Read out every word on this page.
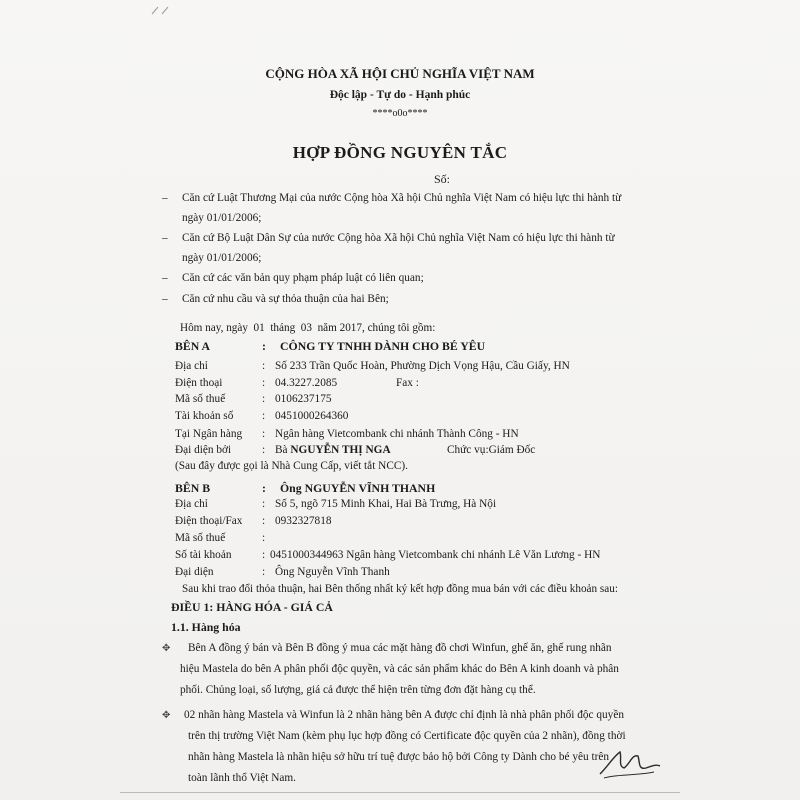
CỘNG HÒA XÃ HỘI CHỦ NGHĨA VIỆT NAM
Độc lập - Tự do - Hạnh phúc
****o0o****
HỢP ĐỒNG NGUYÊN TẮC
Số:
–	Căn cứ Luật Thương Mại của nước Cộng hòa Xã hội Chủ nghĩa Việt Nam có hiệu lực thi hành từ
ngày 01/01/2006;
–	Căn cứ Bộ Luật Dân Sự của nước Cộng hòa Xã hội Chủ nghĩa Việt Nam có hiệu lực thi hành từ
ngày 01/01/2006;
–	Căn cứ các văn bản quy phạm pháp luật có liên quan;
–	Căn cứ nhu cầu và sự thỏa thuận của hai Bên;
Hôm nay, ngày 01 tháng 03 năm 2017, chúng tôi gồm:
BÊN A	: CÔNG TY TNHH DÀNH CHO BÉ YÊU
Địa chỉ	: Số 233 Trần Quốc Hoàn, Phường Dịch Vọng Hậu, Cầu Giấy, HN
Điện thoại	: 04.3227.2085	Fax :
Mã số thuế	: 0106237175
Tài khoản số	: 0451000264360
Tại Ngân hàng : Ngân hàng Vietcombank chi nhánh Thành Công - HN
Đại diện bởi	: Bà NGUYỄN THỊ NGA	Chức vụ:Giám Đốc
(Sau đây được gọi là Nhà Cung Cấp, viết tắt NCC).
BÊN B	: Ông NGUYỄN VĨNH THANH
Địa chỉ	: Số 5, ngõ 715 Minh Khai, Hai Bà Trưng, Hà Nội
Điện thoại/Fax : 0932327818
Mã số thuế	:
Số tài khoản	: 0451000344963 Ngân hàng Vietcombank chi nhánh Lê Văn Lương - HN
Đại diện	: Ông Nguyễn Vĩnh Thanh
Sau khi trao đổi thỏa thuận, hai Bên thống nhất ký kết hợp đồng mua bán với các điều khoản sau:
ĐIỀU 1: HÀNG HÓA - GIÁ CẢ
1.1. Hàng hóa
✥	Bên A đồng ý bán và Bên B đồng ý mua các mặt hàng đồ chơi Winfun, ghế ăn, ghế rung nhãn
hiệu Mastela do bên A phân phối độc quyền, và các sản phẩm khác do Bên A kinh doanh và phân
phối. Chủng loại, số lượng, giá cả được thể hiện trên từng đơn đặt hàng cụ thể.
✥ 02 nhãn hàng Mastela và Winfun là 2 nhãn hàng bên A được chỉ định là nhà phân phối độc quyền
trên thị trường Việt Nam (kèm phụ lục hợp đồng có Certificate độc quyền của 2 nhãn), đồng thời
nhãn hàng Mastela là nhãn hiệu sở hữu trí tuệ được bảo hộ bởi Công ty Dành cho bé yêu trên
toàn lãnh thổ Việt Nam.
